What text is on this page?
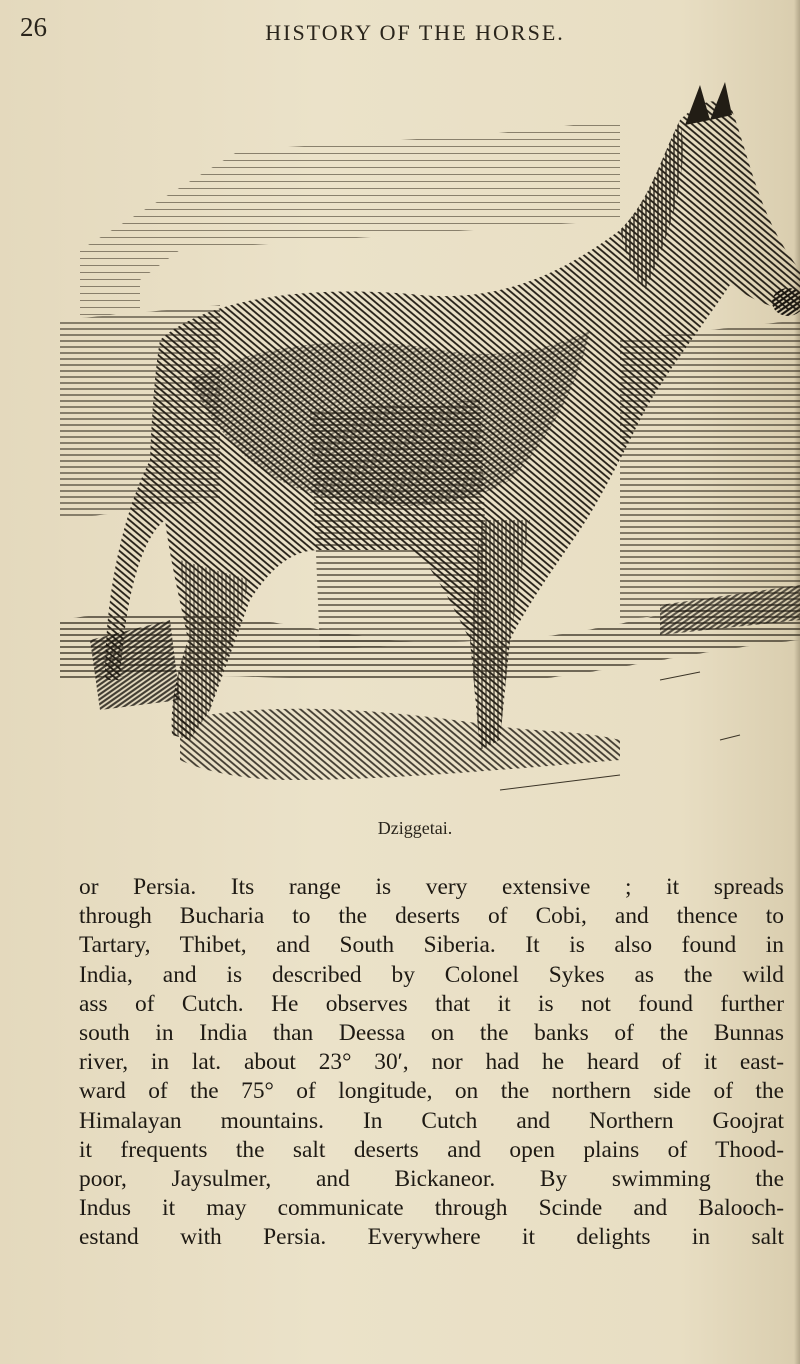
26	HISTORY OF THE HORSE.
Dziggetai.
or Persia. Its range is very extensive ; it spreads
through Bucharia to the deserts of Cobi, and thence to
Tartary, Thibet, and South Siberia. It is also found in
India, and is described by Colonel Sykes as the wild
ass of Cutch. He observes that it is not found further
south in India than Deessa on the banks of the Bunnas
river, in lat. about 23° 30′, nor had he heard of it east-
ward of the 75° of longitude, on the northern side of the
Himalayan mountains. In Cutch and Northern Goojrat
it frequents the salt deserts and open plains of Thood-
poor, Jaysulmer, and Bickaneor. By swimming the
Indus it may communicate through Scinde and Balooch-
estand with Persia. Everywhere it delights in salt
